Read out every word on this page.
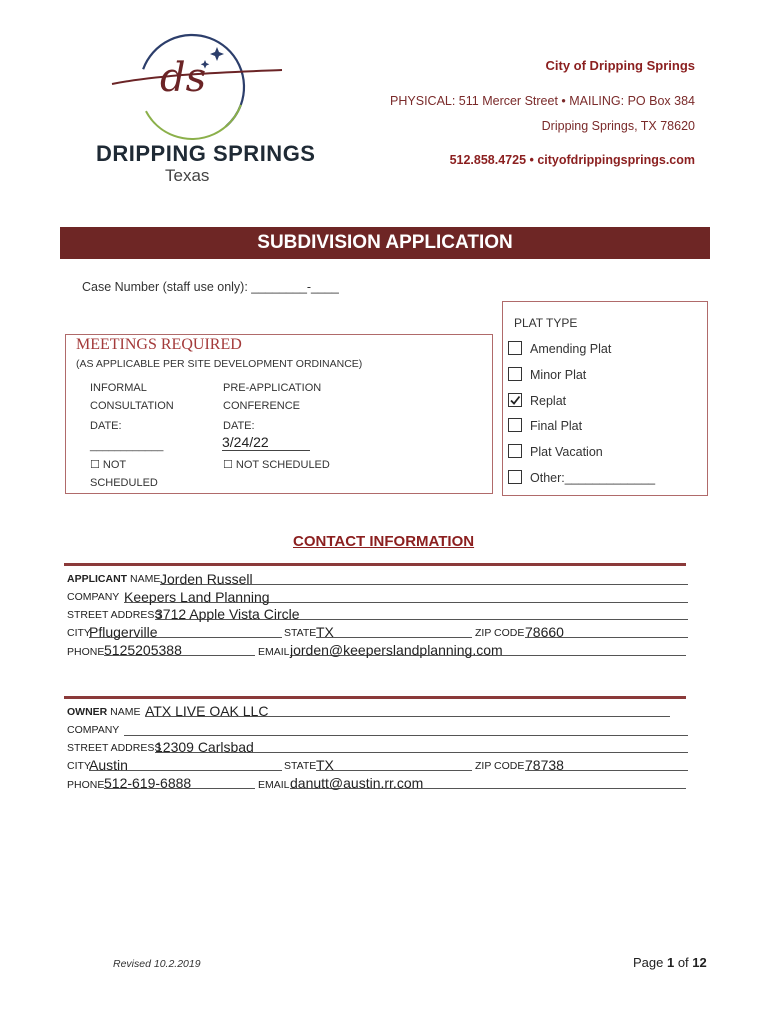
ds
DRIPPING SPRINGS
Texas
City of Dripping Springs
PHYSICAL: 511 Mercer Street • MAILING: PO Box 384
Dripping Springs, TX 78620
512.858.4725 • cityofdrippingsprings.com
SUBDIVISION APPLICATION
Case Number (staff use only): ________-____
MEETINGS REQUIRED
(AS APPLICABLE PER SITE DEVELOPMENT ORDINANCE)
INFORMAL
CONSULTATION
PRE-APPLICATION
CONFERENCE
DATE:	DATE:
____________	3/24/22
☐ NOT
SCHEDULED
☐ NOT SCHEDULED
PLAT TYPE
Amending Plat
Minor Plat
Replat
Final Plat
Plat Vacation
Other:_____________
CONTACT INFORMATION
APPLICANT NAME Jorden Russell
COMPANY Keepers Land Planning
STREET ADDRESS
3712 Apple Vista Circle
CITY
Pflugerville	STATE TX	ZIP CODE 78660
PHONE 5125205388	EMAIL jorden@keeperslandplanning.com
OWNER NAME ATX LIVE OAK LLC
COMPANY
STREET ADDRESS
12309 Carlsbad
CITY
Austin	STATE TX	ZIP CODE 78738
PHONE 512-619-6888	EMAIL danutt@austin.rr.com
Revised 10.2.2019	Page 1 of 12
